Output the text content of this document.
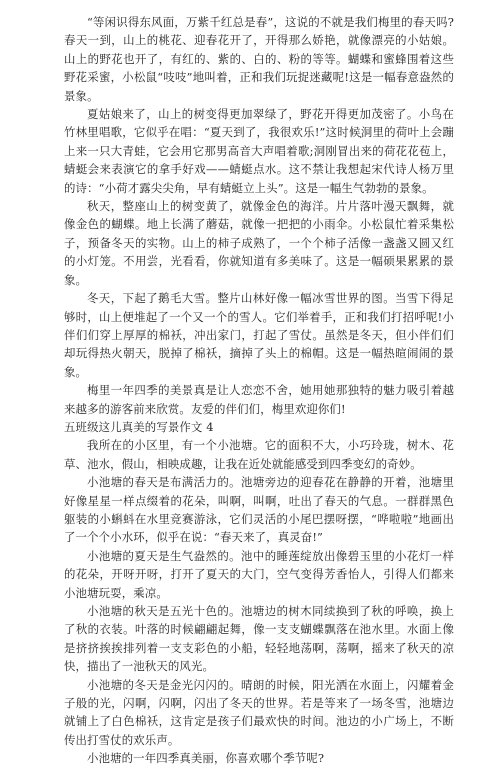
“等闲识得东风面，万紫千红总是春”，这说的不就是我们梅里的春天吗?春天一到，山上的桃花、迎春花开了，开得那么娇艳，就像漂亮的小姑娘。山上的野花也开了，有红的、紫的、白的、粉的等等。蝴蝶和蜜蜂围着这些野花采蜜，小松鼠“吱吱”地叫着，正和我们玩捉迷藏呢!这是一幅春意盎然的景象。

夏姑娘来了，山上的树变得更加翠绿了，野花开得更加茂密了。小鸟在竹林里唱歌，它似乎在唱：“夏天到了，我很欢乐!”这时候֧洞里的荷叶上会蹦上来一只大青蛙，它会用它那男高音大声唱着歌;洞刚冒出来的荷花花苞上，蜻蜓会来表演它的拿手好戏——蜻蜓点水。这不禁让我想起宋代诗人杨万里的诗：“小荷才露尖尖角，早有蜻蜓立上头”。这是一幅生气勃勃的景象。

秋天，整座山上的树变黄了，就像金色的海洋。片片落叶漫天飘舞，就像金色的蝴蝶。地上长满了蘑菇，就像一把把的小雨伞。小松鼠忙着采集松子，预备冬天的实物。山上的柿子成熟了，一个个柿子活像一盏盏又圆又红的小灯笼。不用尝，光看看，你就知道有多美味了。这是一幅硕果累累的景象。

冬天，下起了鹅毛大雪。整片山林好像一幅冰雪世界的图。当雪下得足够时，山上便堆起了一个又一个的雪人。它们举着手，正和我们打招呼呢!小伴们们穿上厚厚的棉袄，冲出家门，打起了雪仗。虽然是冬天，但小伴们们却玩得热火朝天，脱掉了棉袄，摘掉了头上的棉帽。这是一幅热暄闹闹的景象。

梅里一年四季的美景真是让人恋恋不舍，她用她那独特的魅力吸引着越来越多的游客前来欣赏。友爱的伴们们，梅里欢迎你们!

五班级这儿真美的写景作文 4

我所在的小区里，有一个小池塘。它的面积不大，小巧玲珑，树木、花草、池水，假山，相映成趣，让我在近处就能感受到四季变幻的奇妙。

小池塘的春天是布满活力的。池塘旁边的迎春花在静静的开着，池塘里好像星星一样点缀着的花朵，叫啊，叫啊，吐出了春天的气息。一群群黑色躯装的小蝌蚪在水里竞赛游泳，它们灵活的小尾巴摆呀摆，“哗啦啦”地画出了一个个小水环，似乎在说：“春天来了，真灵奋!”

小池塘的夏天是生气盎然的。池中的睡莲绽放出像碧玉里的小花灯一样的花朵，开呀开呀，打开了夏天的大门，空气变得芳香怡人，引得人们都来小池塘玩耍，乘凉。

小池塘的秋天是五光十色的。池塘边的树木同续换到了秋的呼唤，换上了秋的衣装。叶落的时候翩翩起舞，像一支支蝴蝶飘落在池水里。水面上像是挤挤挨挨排列着一支支彩色的小船，轻轻地荡啊，荡啊，摇来了秋天的凉快，描出了一池秋天的风光。

小池塘的冬天是金光闪闪的。晴朗的时候，阳光洒在水面上，闪耀着金子般的光，闪啊，闪啊，闪出了冬天的世界。若是等来了一场冬雪，池塘边就铺上了白色棉袄，这肯定是孩子们最欢快的时间。池边的小广场上，不断传出打雪仗的欢乐声。

小池塘的一年四季真美丽，你喜欢哪个季节呢?
